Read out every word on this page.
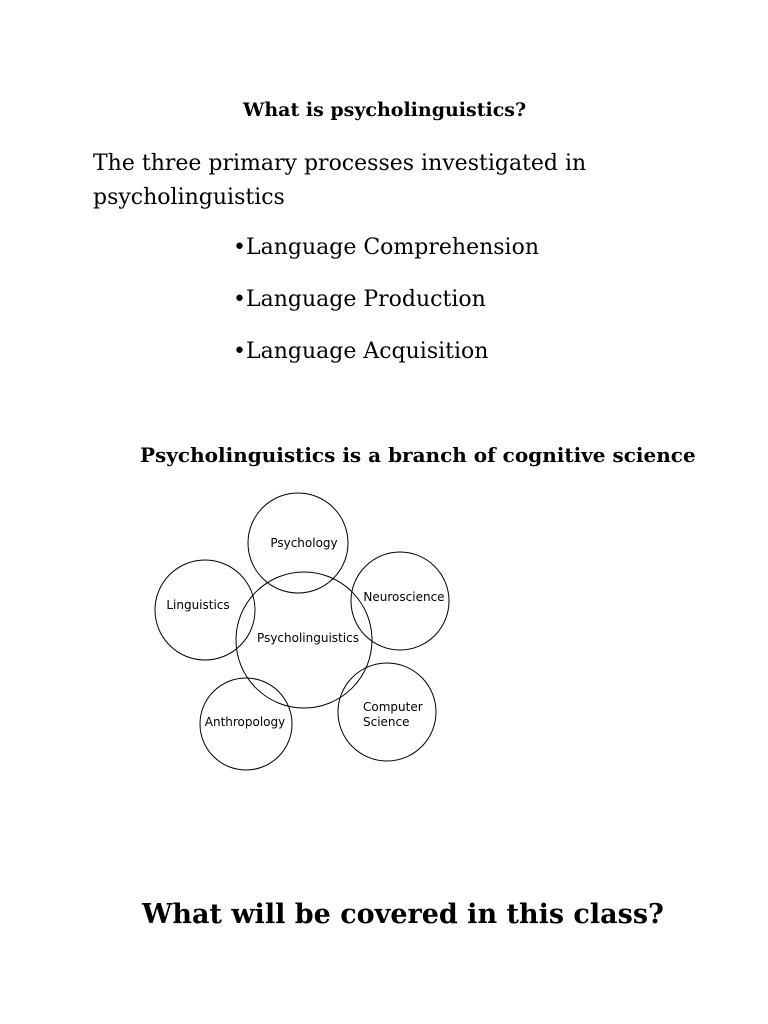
What is psycholinguistics?
The three primary processes investigated in
psycholinguistics
•Language Comprehension
•Language Production
•Language Acquisition
Psycholinguistics is a branch of cognitive science
Psychology
Neuroscience
Linguistics
Psycholinguistics
Computer
Science
Anthropology
What will be covered in this class?
